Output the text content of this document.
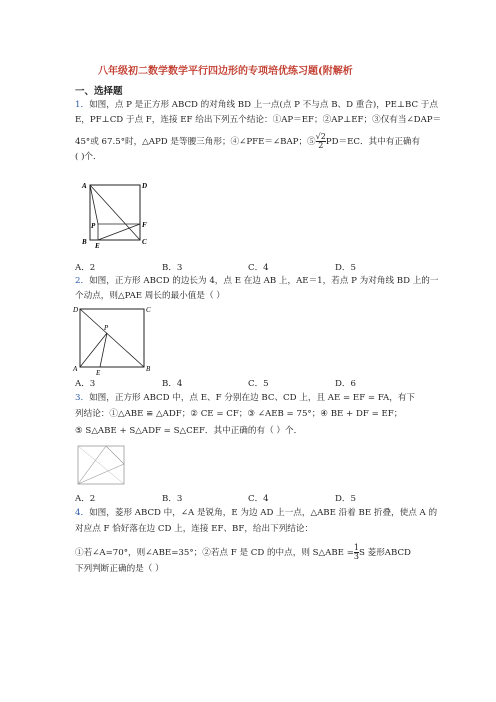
八年级初二数学数学平行四边形的专项培优练习题(附解析
一、选择题
1．如图，点 P 是正方形 ABCD 的对角线 BD 上一点(点 P 不与点 B、D 重合)，PE⊥BC 于点
E，PF⊥CD 于点 F，连接 EF 给出下列五个结论：①AP＝EF；②AP⊥EF；③仅有当∠DAP＝
45°或 67.5°时，△APD 是等腰三角形；④∠PFE＝∠BAP；$⑤\frac{√2}{2} PD=EC$．其中有正确有
( )个．
A	D
P	F
B E	C
A．2	B．3	C．4	D．5
2．如图，正方形 ABCD 的边长为 4，点 E 在边 AB 上，AE＝1，若点 P 为对角线 BD 上的一
个动点，则△PAE 周长的最小值是（ ）
D	C
P
A	E	B
A．3	B．4	C．5	D．6
3．如图，正方形 ABCD 中，点 E、F 分别在边 BC、CD 上，且 AE = EF = FA，有下
列结论：①△ABE ≌ △ADF；② CE = CF；③ ∠AEB = 75°；④ BE + DF = EF；
⑤ S△ABE + S△ADF = S△CEF．其中正确的有（ ）个．
A．2	B．3	C．4	D．5
4．如图，菱形 ABCD 中，∠A 是锐角，E 为边 AD 上一点，△ABE 沿着 BE 折叠，使点 A 的
对应点 F 恰好落在边 CD 上，连接 EF、BF，给出下列结论：
①若∠A=70°，则∠ABE=35°；②若点 F 是 CD 的中点，则 S△ABE $=\frac{1}{3}$ S 菱形ABCD
下列判断正确的是（ ）
